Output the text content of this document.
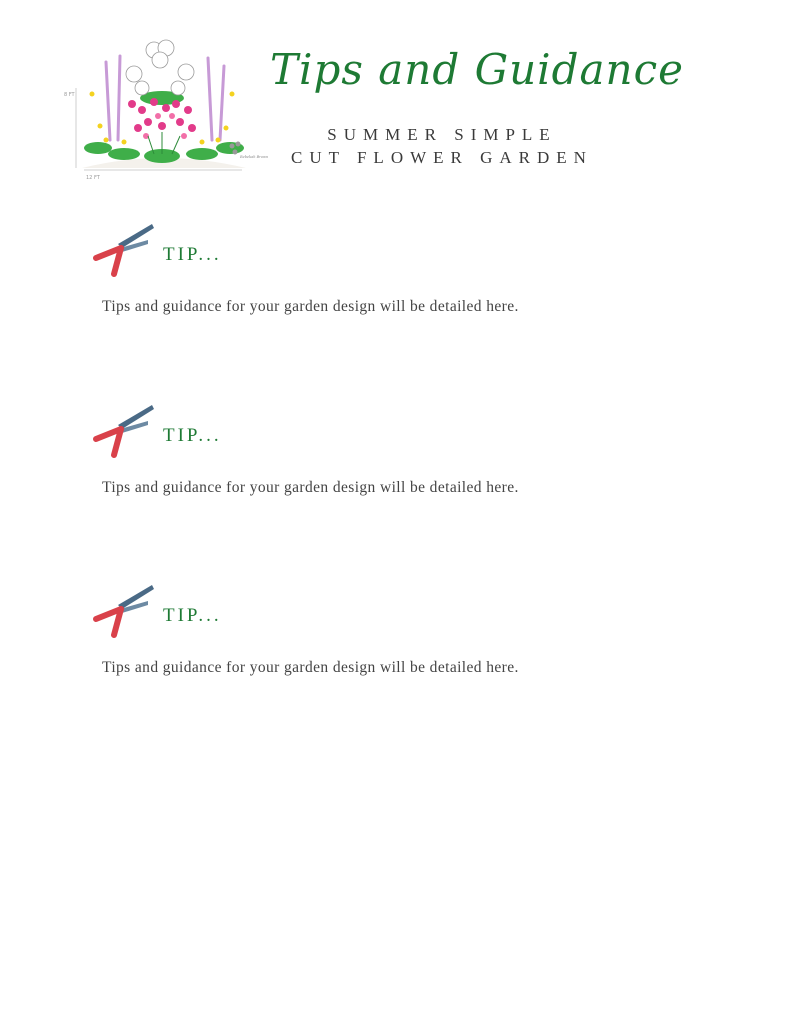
8 FT
12 FT
Rebekah Brown
Tips and Guidance
SUMMER SIMPLE
CUT FLOWER GARDEN
TIP...
Tips and guidance for your garden design will be detailed here.
TIP...
Tips and guidance for your garden design will be detailed here.
TIP...
Tips and guidance for your garden design will be detailed here.
